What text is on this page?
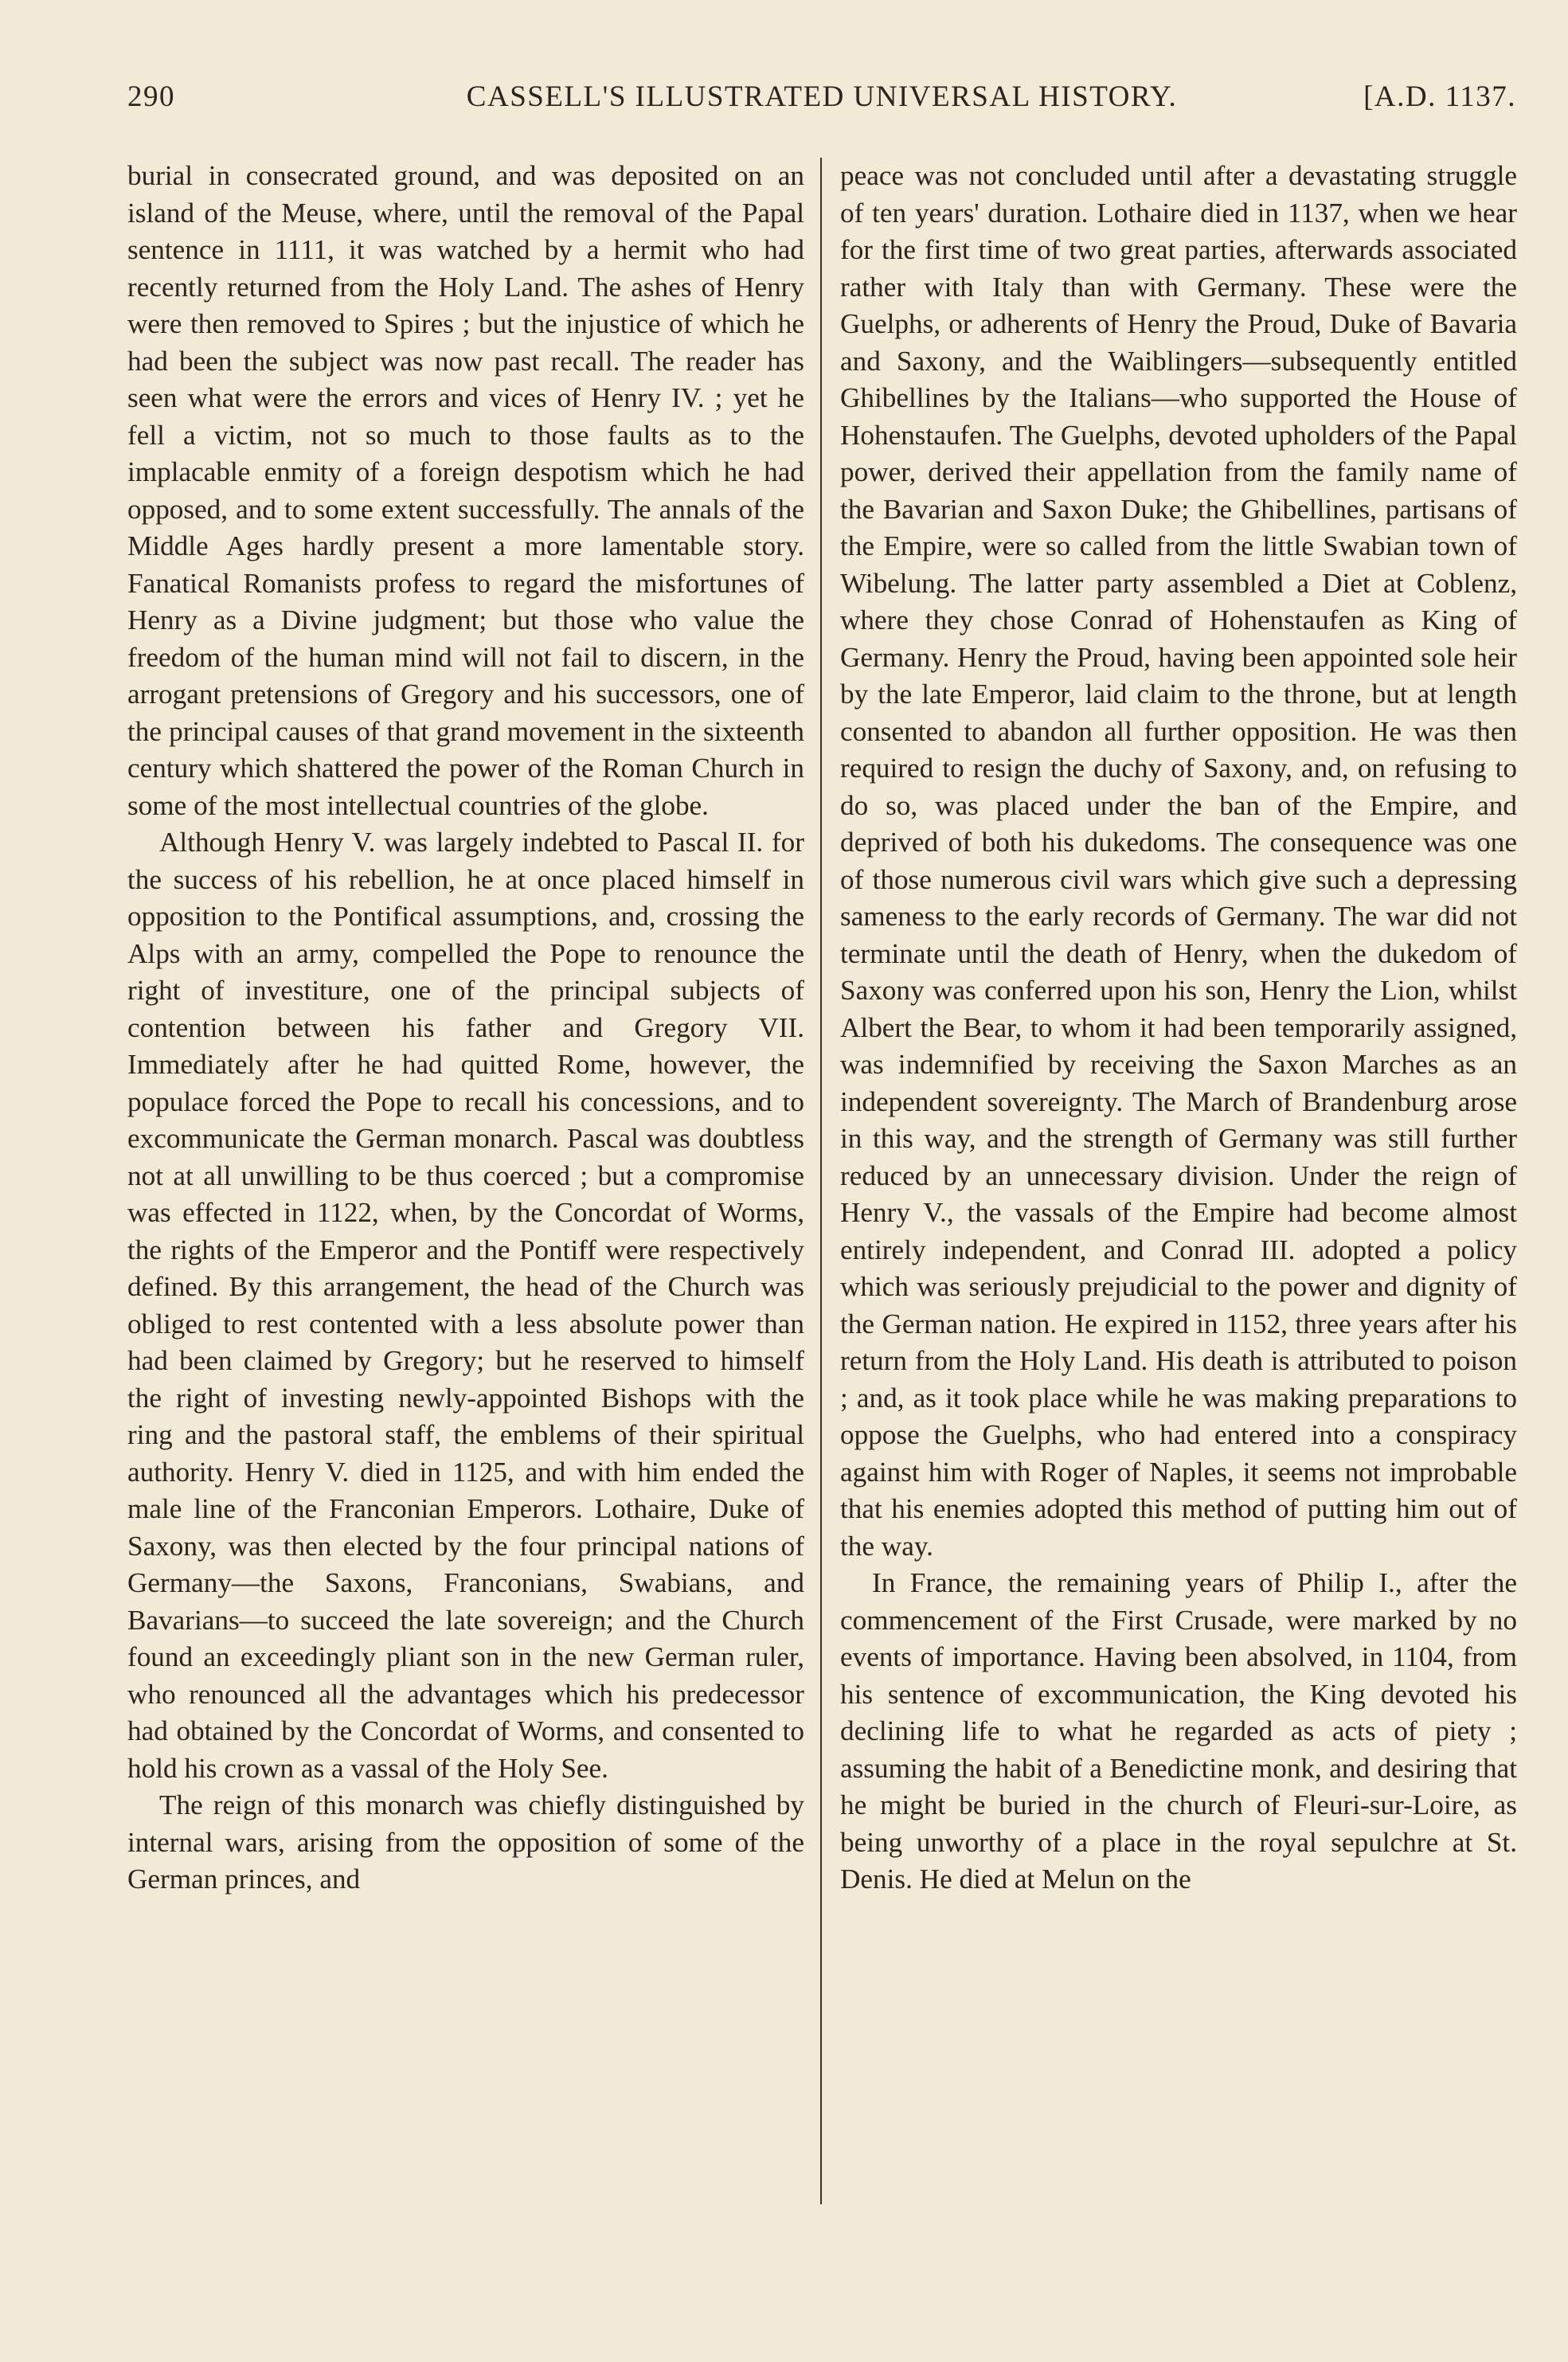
290	CASSELL'S ILLUSTRATED UNIVERSAL HISTORY.	[A.D. 1137.

burial in consecrated ground, and was deposited on an island of the Meuse, where, until the removal of the Papal sentence in 1111, it was watched by a hermit who had recently returned from the Holy Land. The ashes of Henry were then removed to Spires ; but the injustice of which he had been the subject was now past recall. The reader has seen what were the errors and vices of Henry IV. ; yet he fell a victim, not so much to those faults as to the implacable enmity of a foreign despotism which he had opposed, and to some extent successfully. The annals of the Middle Ages hardly present a more lamentable story. Fanatical Romanists profess to regard the misfortunes of Henry as a Divine judgment; but those who value the freedom of the human mind will not fail to discern, in the arrogant pretensions of Gregory and his successors, one of the principal causes of that grand movement in the sixteenth century which shattered the power of the Roman Church in some of the most intellectual countries of the globe.

Although Henry V. was largely indebted to Pascal II. for the success of his rebellion, he at once placed himself in opposition to the Pontifical assumptions, and, crossing the Alps with an army, compelled the Pope to renounce the right of investiture, one of the principal subjects of contention between his father and Gregory VII. Immediately after he had quitted Rome, however, the populace forced the Pope to recall his concessions, and to excommunicate the German monarch. Pascal was doubtless not at all unwilling to be thus coerced ; but a compromise was effected in 1122, when, by the Concordat of Worms, the rights of the Emperor and the Pontiff were respectively defined. By this arrangement, the head of the Church was obliged to rest contented with a less absolute power than had been claimed by Gregory; but he reserved to himself the right of investing newly-appointed Bishops with the ring and the pastoral staff, the emblems of their spiritual authority. Henry V. died in 1125, and with him ended the male line of the Franconian Emperors. Lothaire, Duke of Saxony, was then elected by the four principal nations of Germany—the Saxons, Franconians, Swabians, and Bavarians—to succeed the late sovereign; and the Church found an exceedingly pliant son in the new German ruler, who renounced all the advantages which his predecessor had obtained by the Concordat of Worms, and consented to hold his crown as a vassal of the Holy See.

The reign of this monarch was chiefly distinguished by internal wars, arising from the opposition of some of the German princes, and

peace was not concluded until after a devastating struggle of ten years' duration. Lothaire died in 1137, when we hear for the first time of two great parties, afterwards associated rather with Italy than with Germany. These were the Guelphs, or adherents of Henry the Proud, Duke of Bavaria and Saxony, and the Waiblingers—subsequently entitled Ghibellines by the Italians—who supported the House of Hohenstaufen. The Guelphs, devoted upholders of the Papal power, derived their appellation from the family name of the Bavarian and Saxon Duke; the Ghibellines, partisans of the Empire, were so called from the little Swabian town of Wibelung. The latter party assembled a Diet at Coblenz, where they chose Conrad of Hohenstaufen as King of Germany. Henry the Proud, having been appointed sole heir by the late Emperor, laid claim to the throne, but at length consented to abandon all further opposition. He was then required to resign the duchy of Saxony, and, on refusing to do so, was placed under the ban of the Empire, and deprived of both his dukedoms. The consequence was one of those numerous civil wars which give such a depressing sameness to the early records of Germany. The war did not terminate until the death of Henry, when the dukedom of Saxony was conferred upon his son, Henry the Lion, whilst Albert the Bear, to whom it had been temporarily assigned, was indemnified by receiving the Saxon Marches as an independent sovereignty. The March of Brandenburg arose in this way, and the strength of Germany was still further reduced by an unnecessary division. Under the reign of Henry V., the vassals of the Empire had become almost entirely independent, and Conrad III. adopted a policy which was seriously prejudicial to the power and dignity of the German nation. He expired in 1152, three years after his return from the Holy Land. His death is attributed to poison ; and, as it took place while he was making preparations to oppose the Guelphs, who had entered into a conspiracy against him with Roger of Naples, it seems not improbable that his enemies adopted this method of putting him out of the way.

In France, the remaining years of Philip I., after the commencement of the First Crusade, were marked by no events of importance. Having been absolved, in 1104, from his sentence of excommunication, the King devoted his declining life to what he regarded as acts of piety ; assuming the habit of a Benedictine monk, and desiring that he might be buried in the church of Fleuri-sur-Loire, as being unworthy of a place in the royal sepulchre at St. Denis. He died at Melun on the
